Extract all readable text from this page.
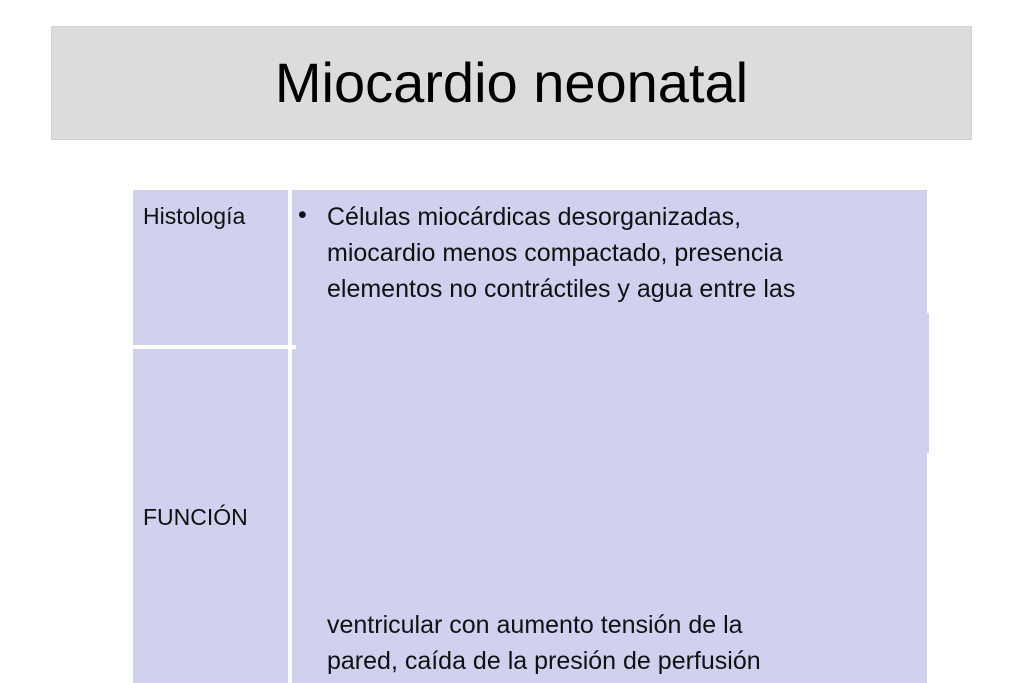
Miocardio neonatal
Histología • Células miocárdicas desorganizadas,

miocardio menos compactado, presencia

elementos no contráctiles y agua entre las

FUNCIÓN

ventricular con aumento tensión de la

pared, caída de la presión de perfusión
